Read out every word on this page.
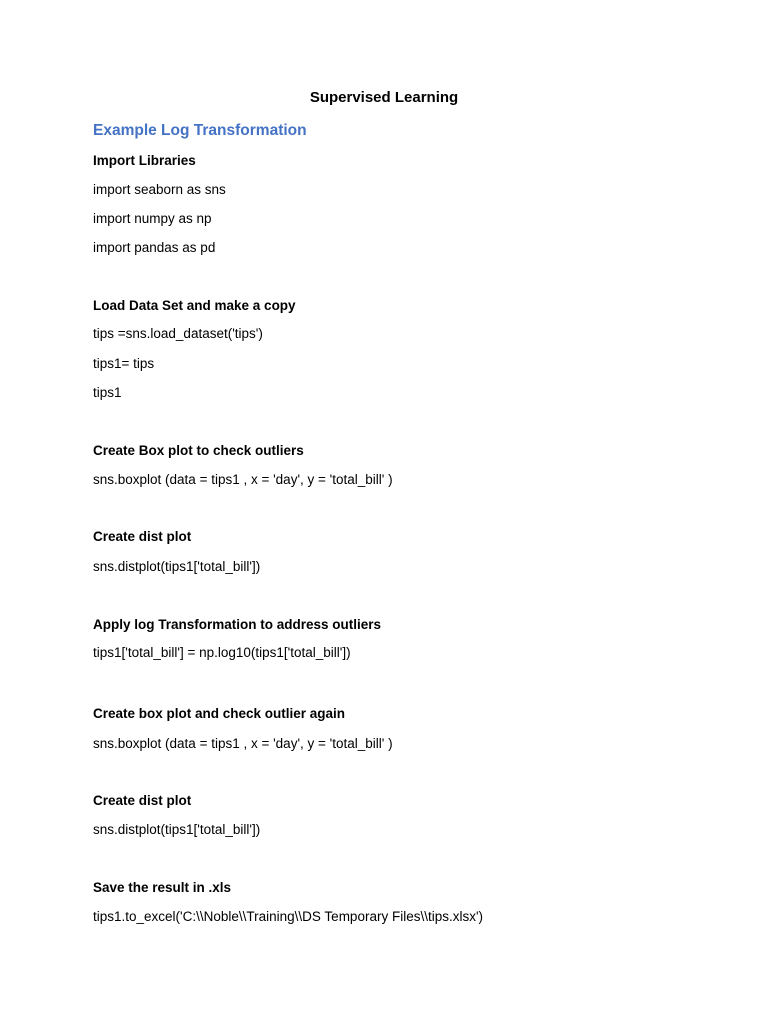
Supervised Learning
Example Log Transformation
Import Libraries
import seaborn as sns
import numpy as np
import pandas as pd
Load Data Set and make a copy
tips =sns.load_dataset('tips')
tips1= tips
tips1
Create Box plot to check outliers
sns.boxplot (data = tips1 , x = 'day', y = 'total_bill' )
Create dist plot
sns.distplot(tips1['total_bill'])
Apply log Transformation to address outliers
tips1['total_bill'] = np.log10(tips1['total_bill'])
Create box plot and check outlier again
sns.boxplot (data = tips1 , x = 'day', y = 'total_bill' )
Create dist plot
sns.distplot(tips1['total_bill'])
Save the result in .xls
tips1.to_excel('C:\\Noble\\Training\\DS Temporary Files\\tips.xlsx')
